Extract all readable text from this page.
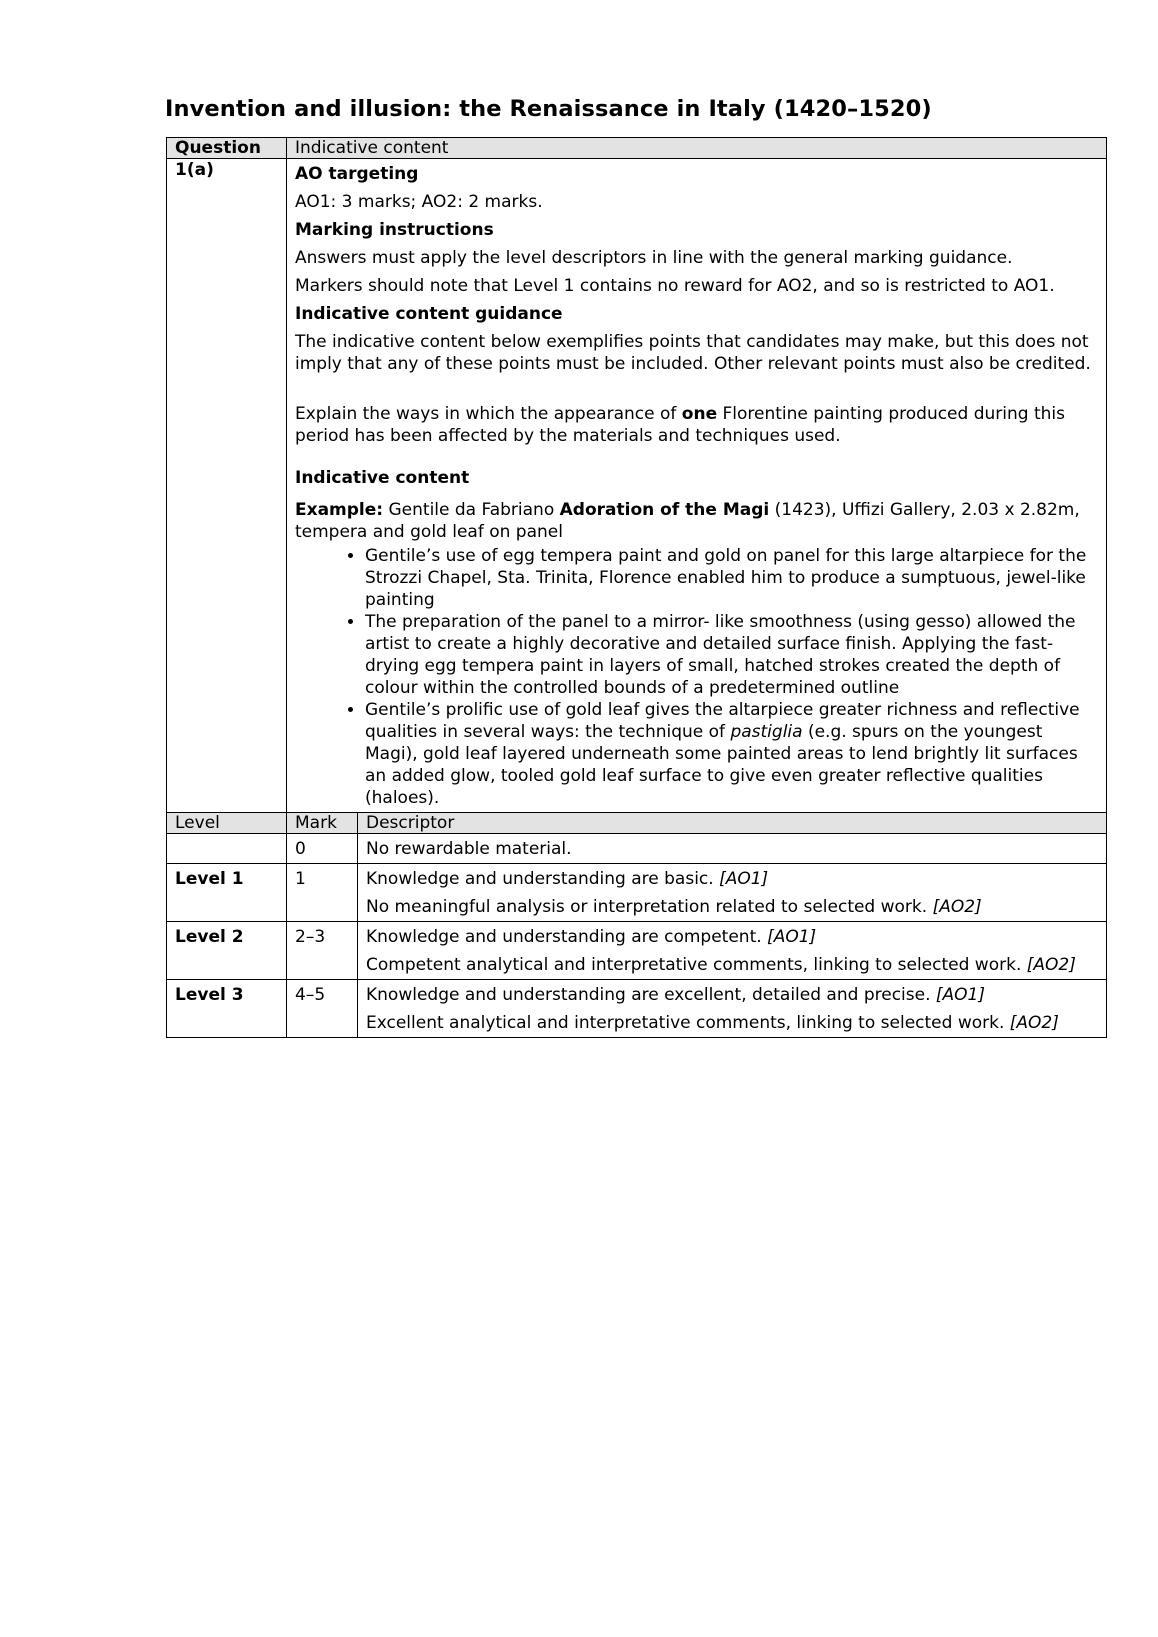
Invention and illusion: the Renaissance in Italy (1420–1520)
Question	Indicative content	
1(a)	AO targeting

AO1: 3 marks; AO2: 2 marks.

Marking instructions

Answers must apply the level descriptors in line with the general marking guidance.

Markers should note that Level 1 contains no reward for AO2, and so is restricted to AO1.

Indicative content guidance

The indicative content below exemplifies points that candidates may make, but this does not imply that any of these points must be included. Other relevant points must also be credited.

Explain the ways in which the appearance of one Florentine painting produced during this period has been affected by the materials and techniques used.

Indicative content

Example: Gentile da Fabriano Adoration of the Magi (1423), Uffizi Gallery, 2.03 x 2.82m, tempera and gold leaf on panel

• Gentile’s use of egg tempera paint and gold on panel for this large altarpiece for the Strozzi Chapel, Sta. Trinita, Florence enabled him to produce a sumptuous, jewel-like painting
• The preparation of the panel to a mirror- like smoothness (using gesso) allowed the artist to create a highly decorative and detailed surface finish. Applying the fast-drying egg tempera paint in layers of small, hatched strokes created the depth of colour within the controlled bounds of a predetermined outline
• Gentile’s prolific use of gold leaf gives the altarpiece greater richness and reflective qualities in several ways: the technique of pastiglia (e.g. spurs on the youngest Magi), gold leaf layered underneath some painted areas to lend brightly lit surfaces an added glow, tooled gold leaf surface to give even greater reflective qualities (haloes).

Level	Mark	Descriptor
	0	No rewardable material.

Level 1	1	Knowledge and understanding are basic. [AO1]

No meaningful analysis or interpretation related to selected work. [AO2]

Level 2	2–3	Knowledge and understanding are competent. [AO1]

Competent analytical and interpretative comments, linking to selected work. [AO2]

Level 3	4–5	Knowledge and understanding are excellent, detailed and precise. [AO1]

Excellent analytical and interpretative comments, linking to selected work. [AO2]
